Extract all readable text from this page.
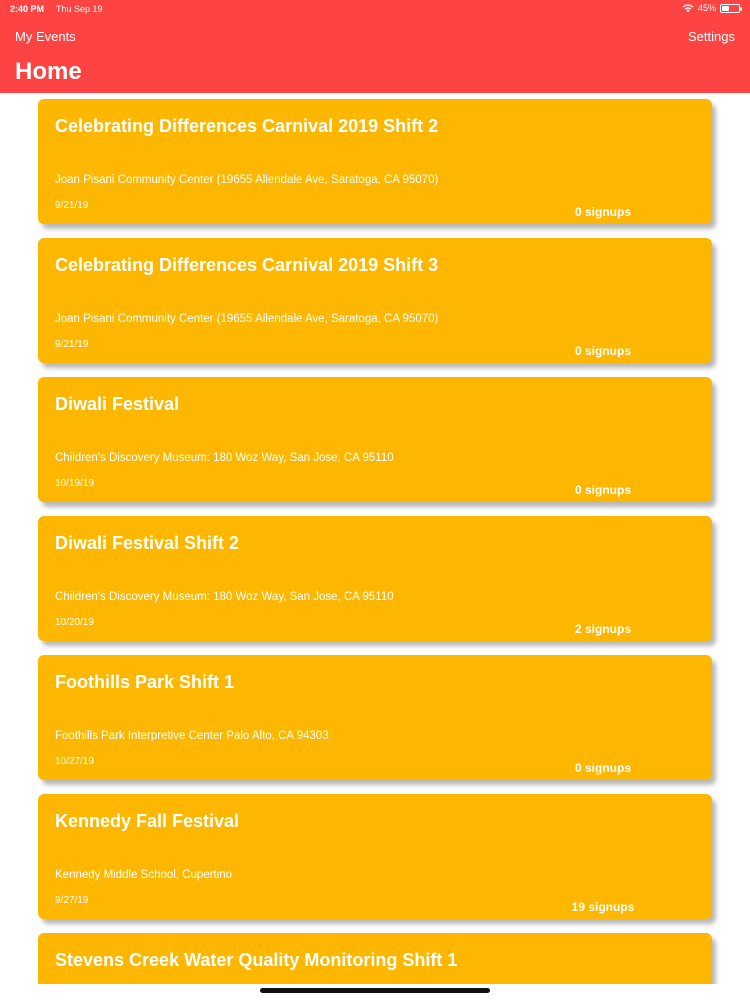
2:40 PM Thu Sep 19	45%
My Events	Settings
Home
Celebrating Differences Carnival 2019 Shift 2
Joan Pisani Community Center (19655 Allendale Ave, Saratoga, CA 95070)
9/21/19	0 signups
Celebrating Differences Carnival 2019 Shift 3
Joan Pisani Community Center (19655 Allendale Ave, Saratoga, CA 95070)
9/21/19	0 signups
Diwali Festival
Children's Discovery Museum: 180 Woz Way, San Jose, CA 95110
10/19/19	0 signups
Diwali Festival Shift 2
Children's Discovery Museum: 180 Woz Way, San Jose, CA 95110
10/20/19	2 signups
Foothills Park Shift 1
Foothills Park Interpretive Center Palo Alto, CA 94303
10/27/19	0 signups
Kennedy Fall Festival
Kennedy Middle School, Cupertino
9/27/19	19 signups
Stevens Creek Water Quality Monitoring Shift 1
